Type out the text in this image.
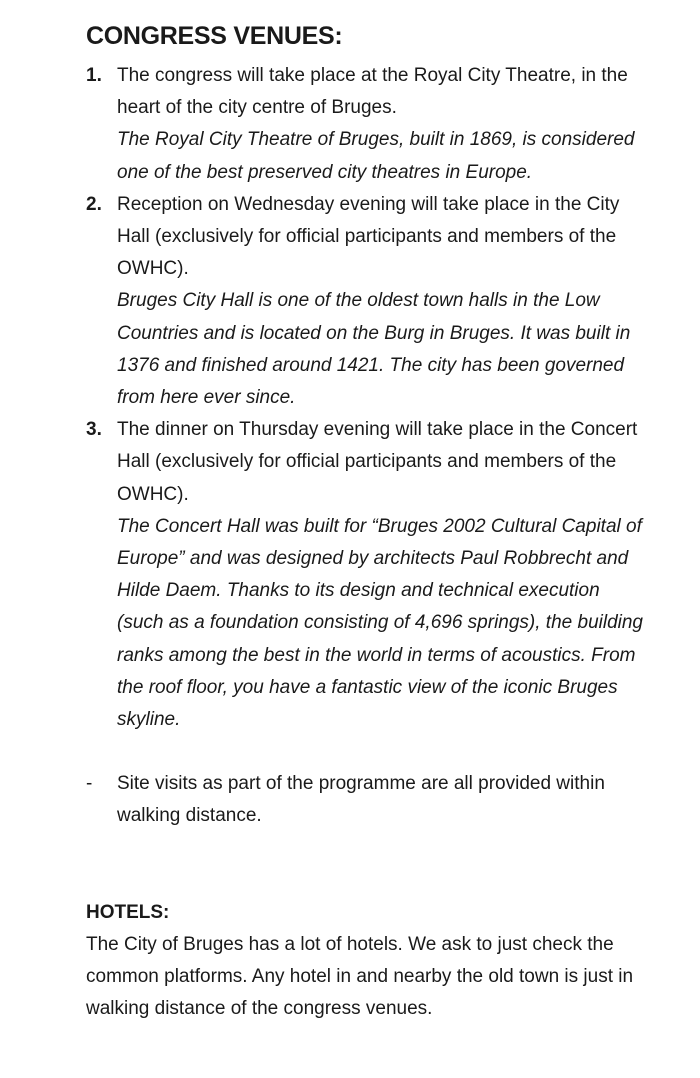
CONGRESS VENUES:
1. The congress will take place at the Royal City Theatre, in the heart of the city centre of Bruges.
The Royal City Theatre of Bruges, built in 1869, is considered one of the best preserved city theatres in Europe.
2. Reception on Wednesday evening will take place in the City Hall (exclusively for official participants and members of the OWHC).
Bruges City Hall is one of the oldest town halls in the Low Countries and is located on the Burg in Bruges. It was built in 1376 and finished around 1421. The city has been governed from here ever since.
3. The dinner on Thursday evening will take place in the Concert Hall (exclusively for official participants and members of the OWHC).
The Concert Hall was built for “Bruges 2002 Cultural Capital of Europe” and was designed by architects Paul Robbrecht and Hilde Daem. Thanks to its design and technical execution (such as a foundation consisting of 4,696 springs), the building ranks among the best in the world in terms of acoustics. From the roof floor, you have a fantastic view of the iconic Bruges skyline.
- Site visits as part of the programme are all provided within walking distance.
HOTELS:

The City of Bruges has a lot of hotels. We ask to just check the common platforms. Any hotel in and nearby the old town is just in walking distance of the congress venues.
